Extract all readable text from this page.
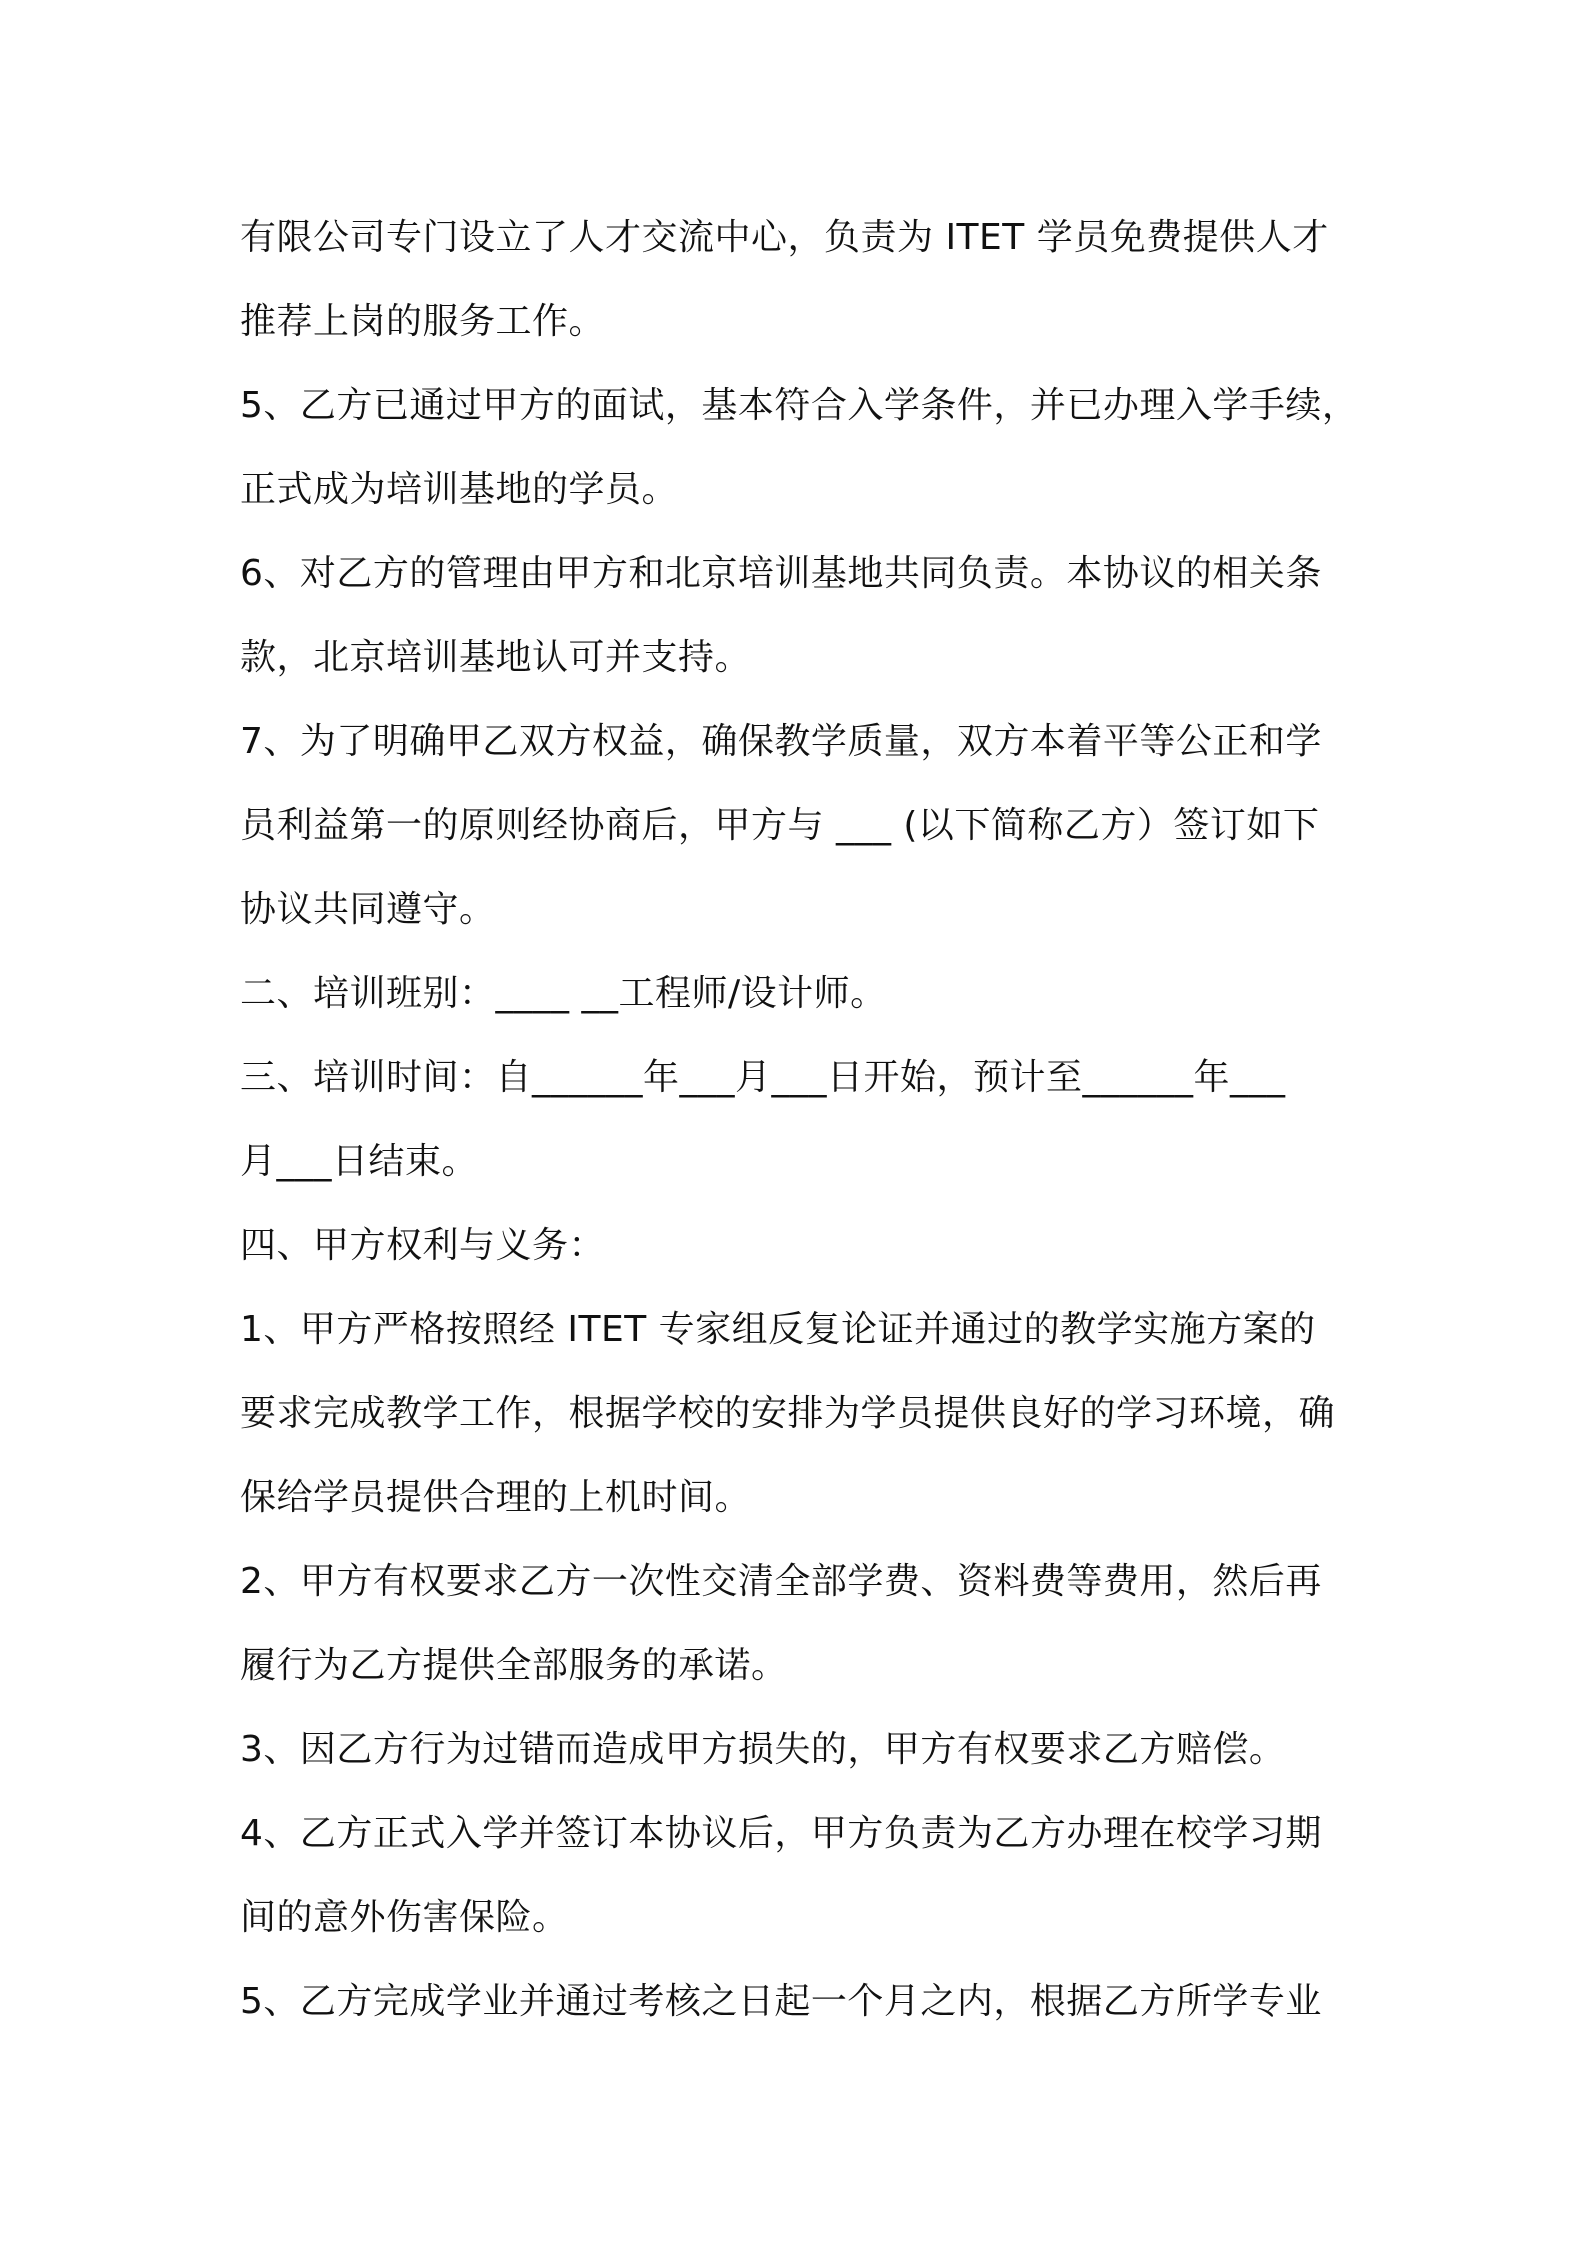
有限公司专门设立了人才交流中心，负责为 ITET 学员免费提供人才
推荐上岗的服务工作。
5、乙方已通过甲方的面试，基本符合入学条件，并已办理入学手续，
正式成为培训基地的学员。
6、对乙方的管理由甲方和北京培训基地共同负责。本协议的相关条
款，北京培训基地认可并支持。
7、为了明确甲乙双方权益，确保教学质量，双方本着平等公正和学
员利益第一的原则经协商后，甲方与 ___ (以下简称乙方）签订如下
协议共同遵守。
二、培训班别：____ __工程师/设计师。
三、培训时间：自______年___月___日开始，预计至______年___
月___日结束。
四、甲方权利与义务：
1、甲方严格按照经 ITET 专家组反复论证并通过的教学实施方案的
要求完成教学工作，根据学校的安排为学员提供良好的学习环境，确
保给学员提供合理的上机时间。
2、甲方有权要求乙方一次性交清全部学费、资料费等费用，然后再
履行为乙方提供全部服务的承诺。
3、因乙方行为过错而造成甲方损失的，甲方有权要求乙方赔偿。
4、乙方正式入学并签订本协议后，甲方负责为乙方办理在校学习期
间的意外伤害保险。
5、乙方完成学业并通过考核之日起一个月之内，根据乙方所学专业
